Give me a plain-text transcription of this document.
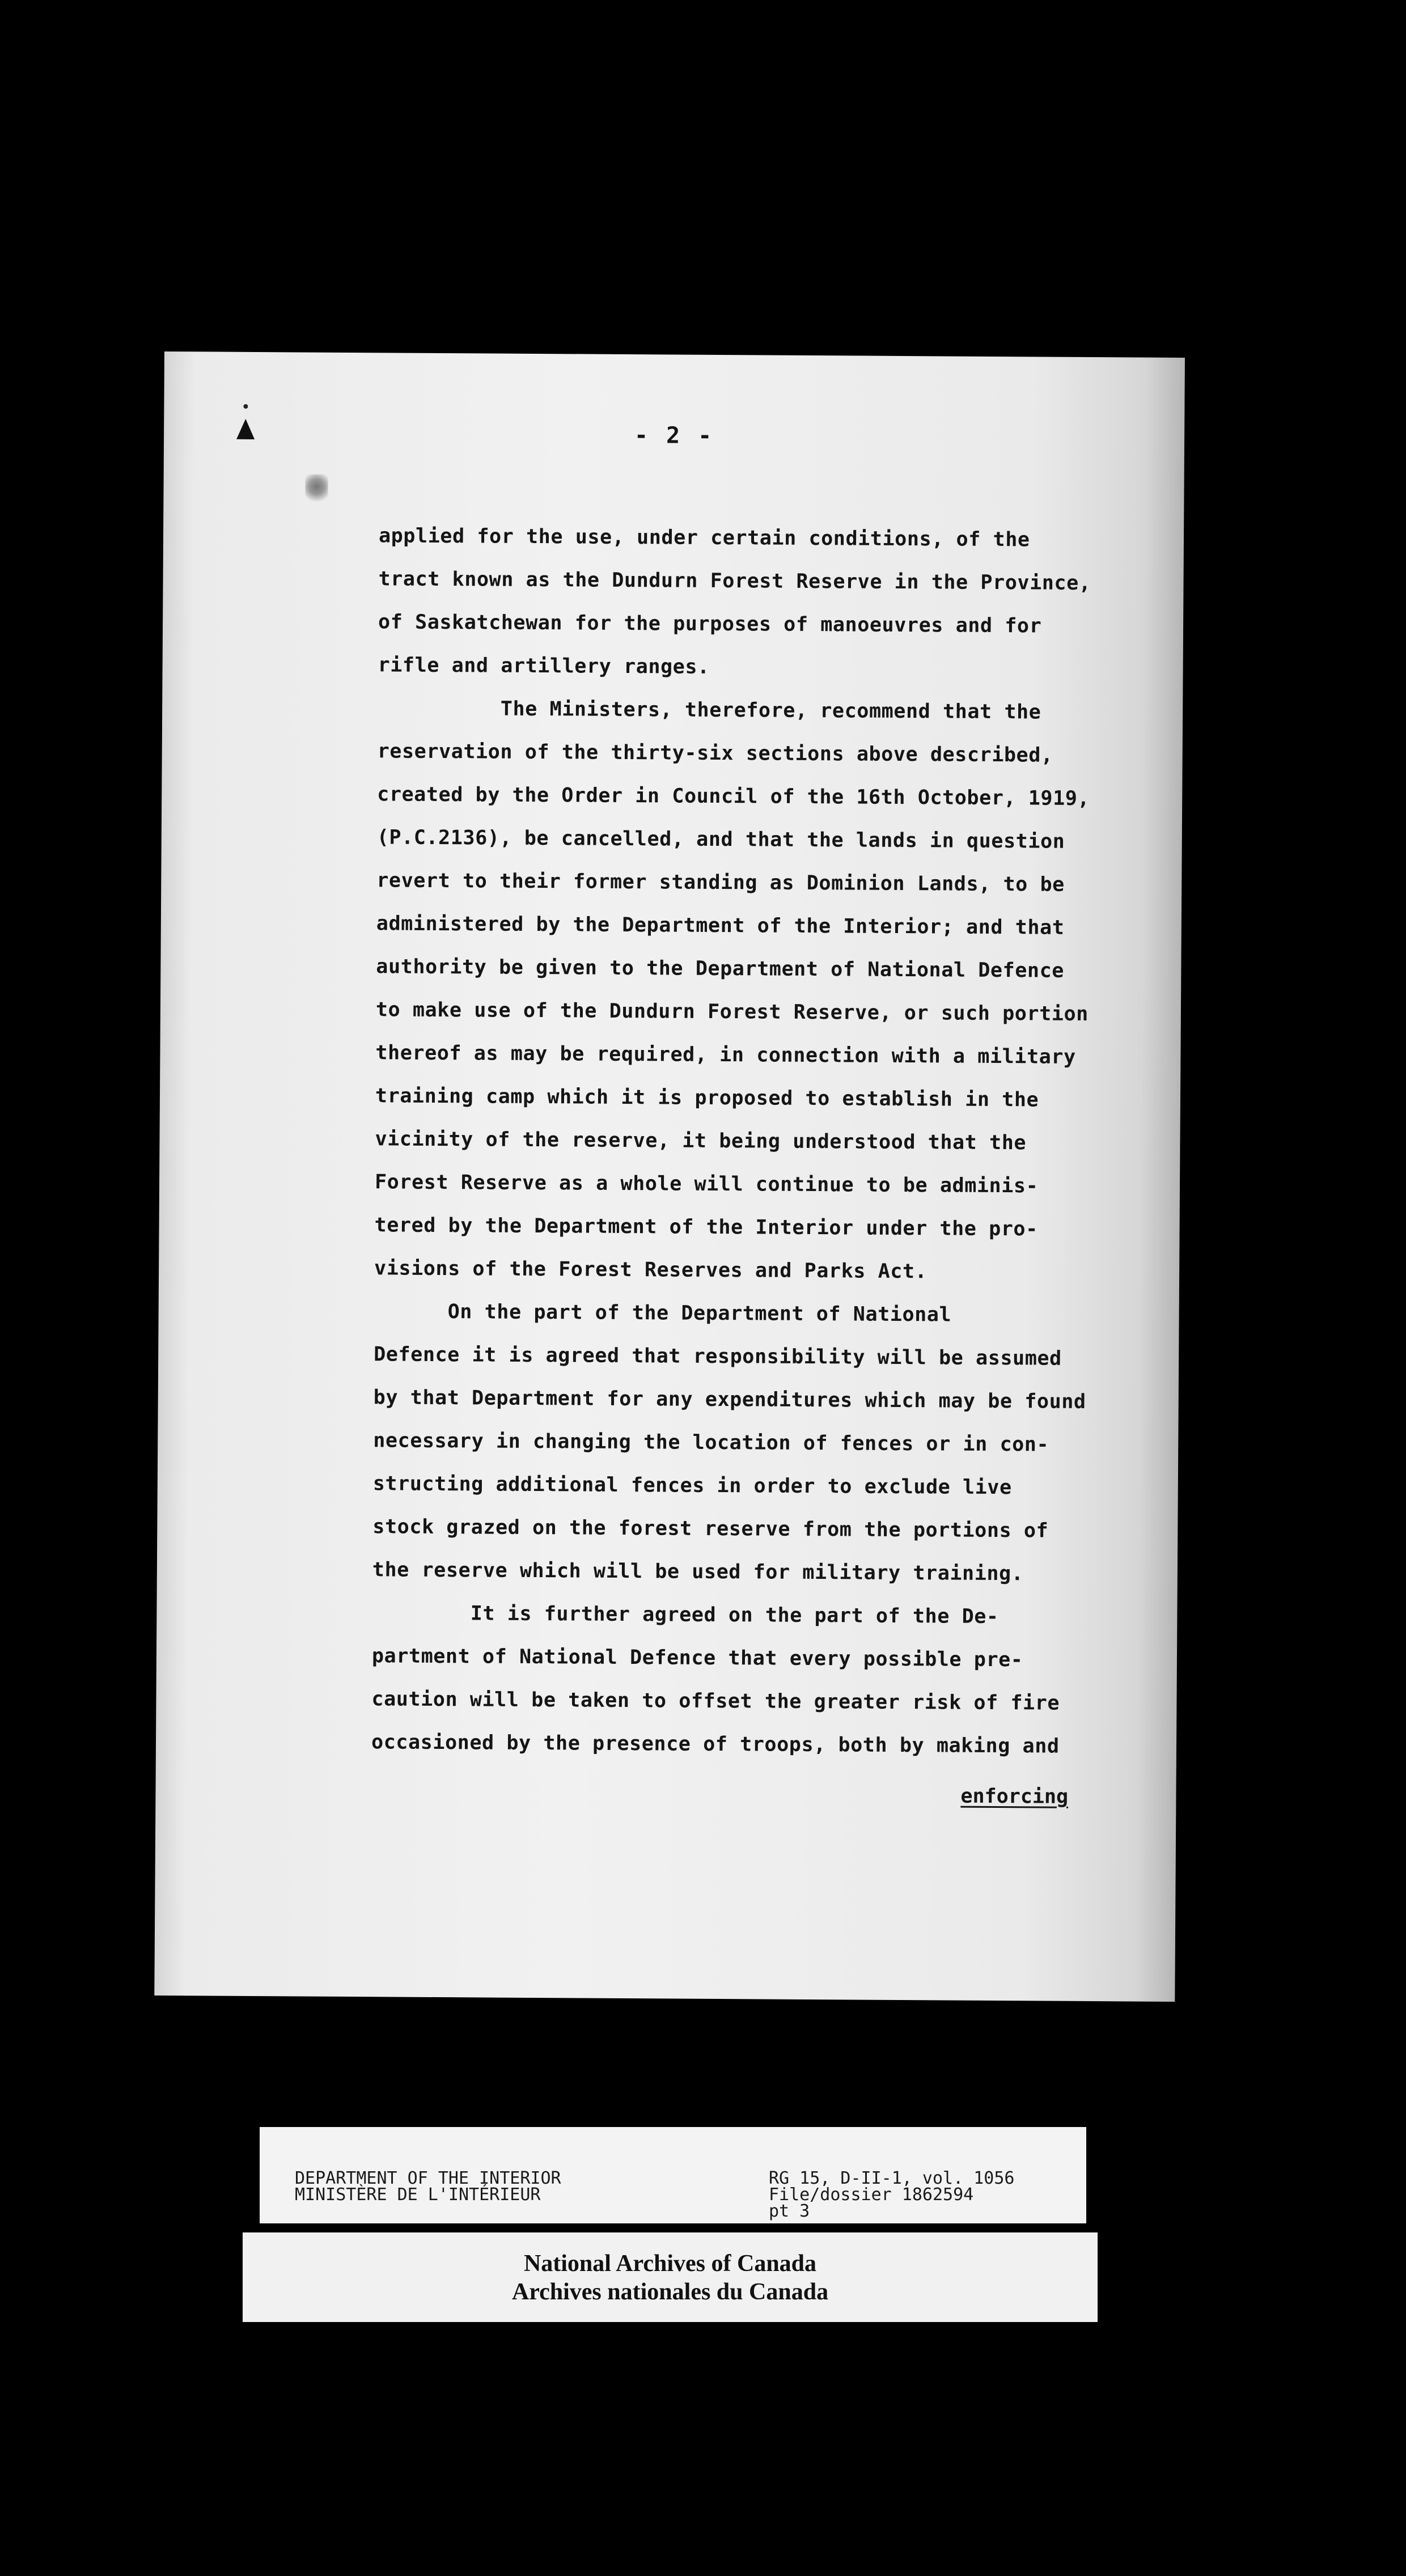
- 2 -
applied for the use, under certain conditions, of the
tract known as the Dundurn Forest Reserve in the Province,
of Saskatchewan for the purposes of manoeuvres and for
rifle and artillery ranges.
The Ministers, therefore, recommend that the
reservation of the thirty-six sections above described,
created by the Order in Council of the 16th October, 1919,
(P.C.2136), be cancelled, and that the lands in question
revert to their former standing as Dominion Lands, to be
administered by the Department of the Interior; and that
authority be given to the Department of National Defence
to make use of the Dundurn Forest Reserve, or such portion
thereof as may be required, in connection with a military
training camp which it is proposed to establish in the
vicinity of the reserve, it being understood that the
Forest Reserve as a whole will continue to be adminis-
tered by the Department of the Interior under the pro-
visions of the Forest Reserves and Parks Act.
On the part of the Department of National
Defence it is agreed that responsibility will be assumed
by that Department for any expenditures which may be found
necessary in changing the location of fences or in con-
structing additional fences in order to exclude live
stock grazed on the forest reserve from the portions of
the reserve which will be used for military training.
It is further agreed on the part of the De-
partment of National Defence that every possible pre-
caution will be taken to offset the greater risk of fire
occasioned by the presence of troops, both by making and
enforcing
DEPARTMENT OF THE INTERIOR
MINISTÈRE DE L'INTÉRIEUR
RG 15, D-II-1, vol. 1056
File/dossier 1862594
pt 3
National Archives of Canada
Archives nationales du Canada
